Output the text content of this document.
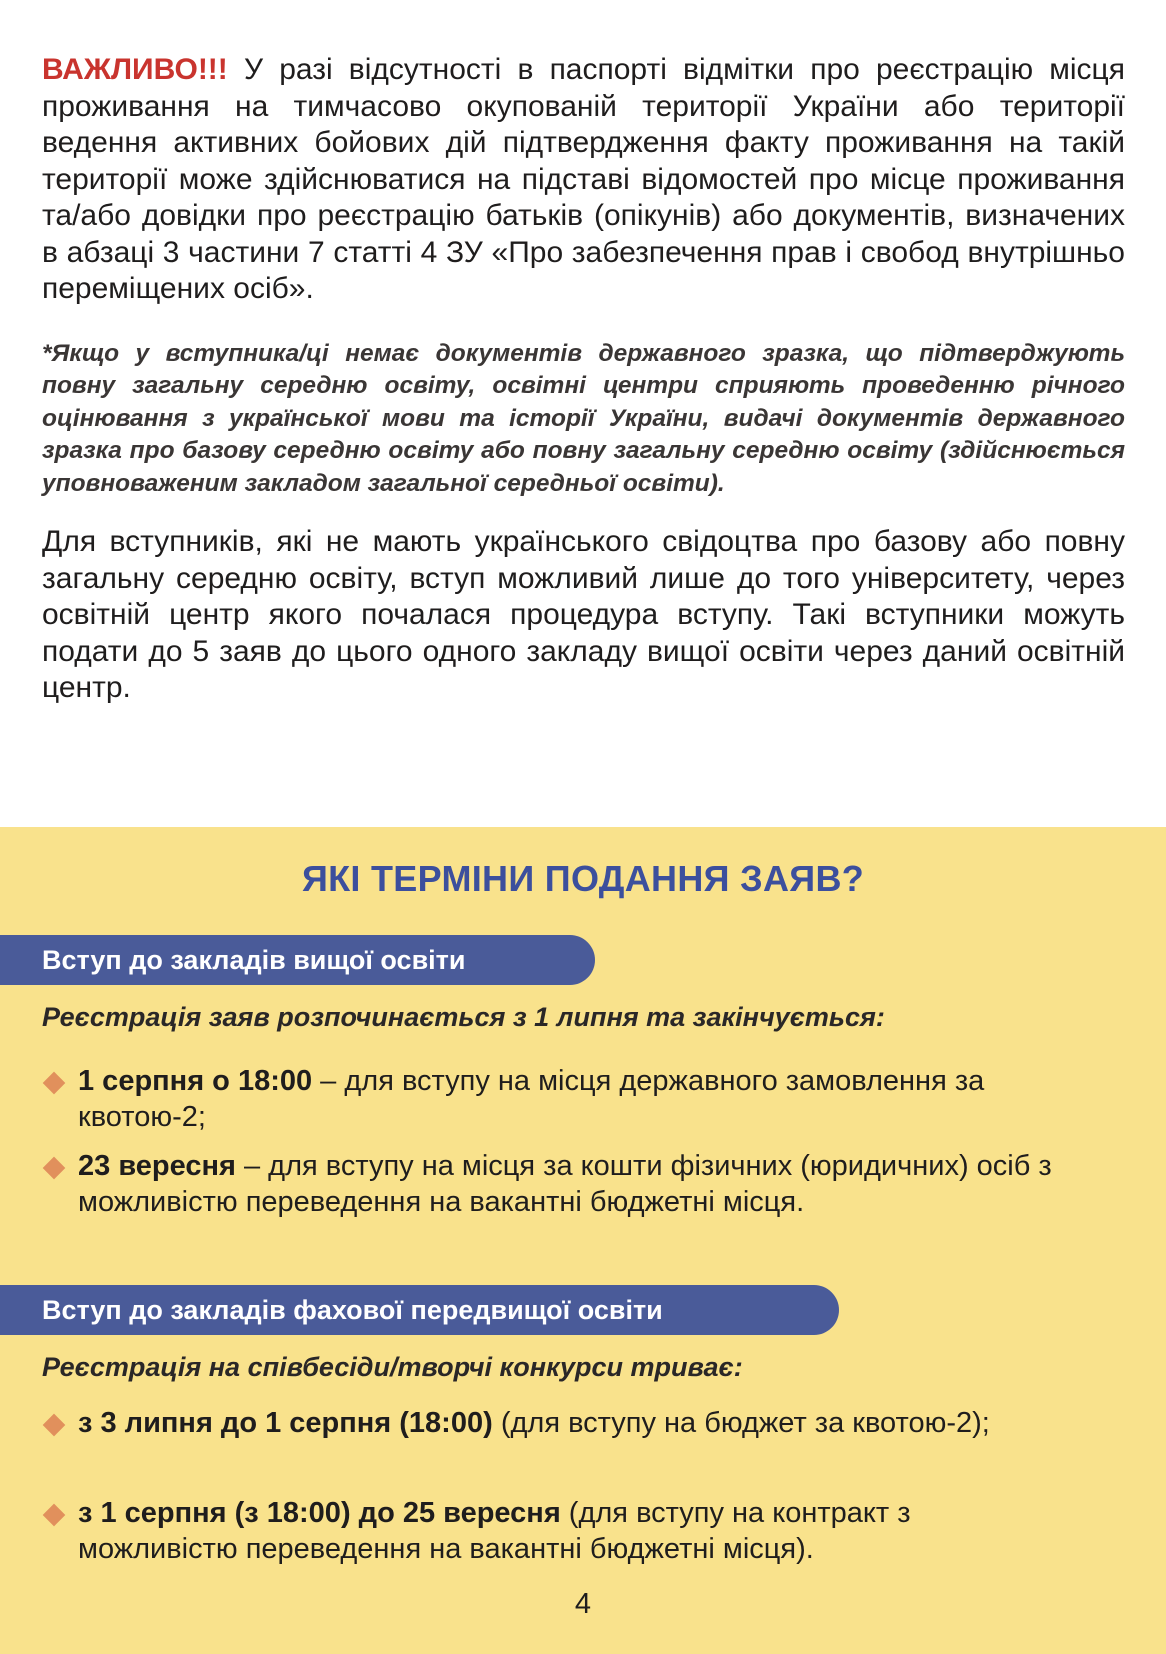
ВАЖЛИВО!!! У разі відсутності в паспорті відмітки про реєстрацію місця проживання на тимчасово окупованій території України або території ведення активних бойових дій підтвердження факту проживання на такій території може здійснюватися на підставі відомостей про місце проживання та/або довідки про реєстрацію батьків (опікунів) або документів, визначених в абзаці 3 частини 7 статті 4 ЗУ «Про забезпечення прав і свобод внутрішньо переміщених осіб».

*Якщо у вступника/ці немає документів державного зразка, що підтверджують повну загальну середню освіту, освітні центри сприяють проведенню річного оцінювання з української мови та історії України, видачі документів державного зразка про базову середню освіту або повну загальну середню освіту (здійснюється уповноваженим закладом загальної середньої освіти).

Для вступників, які не мають українського свідоцтва про базову або повну загальну середню освіту, вступ можливий лише до того університету, через освітній центр якого почалася процедура вступу. Такі вступники можуть подати до 5 заяв до цього одного закладу вищої освіти через даний освітній центр.

ЯКІ ТЕРМІНИ ПОДАННЯ ЗАЯВ?
Вступ до закладів вищої освіти
Реєстрація заяв розпочинається з 1 липня та закінчується:
1 серпня о 18:00 – для вступу на місця державного замовлення за квотою-2;
23 вересня – для вступу на місця за кошти фізичних (юридичних) осіб з можливістю переведення на вакантні бюджетні місця.
Вступ до закладів фахової передвищої освіти
Реєстрація на співбесіди/творчі конкурси триває:
з 3 липня до 1 серпня (18:00) (для вступу на бюджет за квотою-2);
з 1 серпня (з 18:00) до 25 вересня (для вступу на контракт з можливістю переведення на вакантні бюджетні місця).
4
